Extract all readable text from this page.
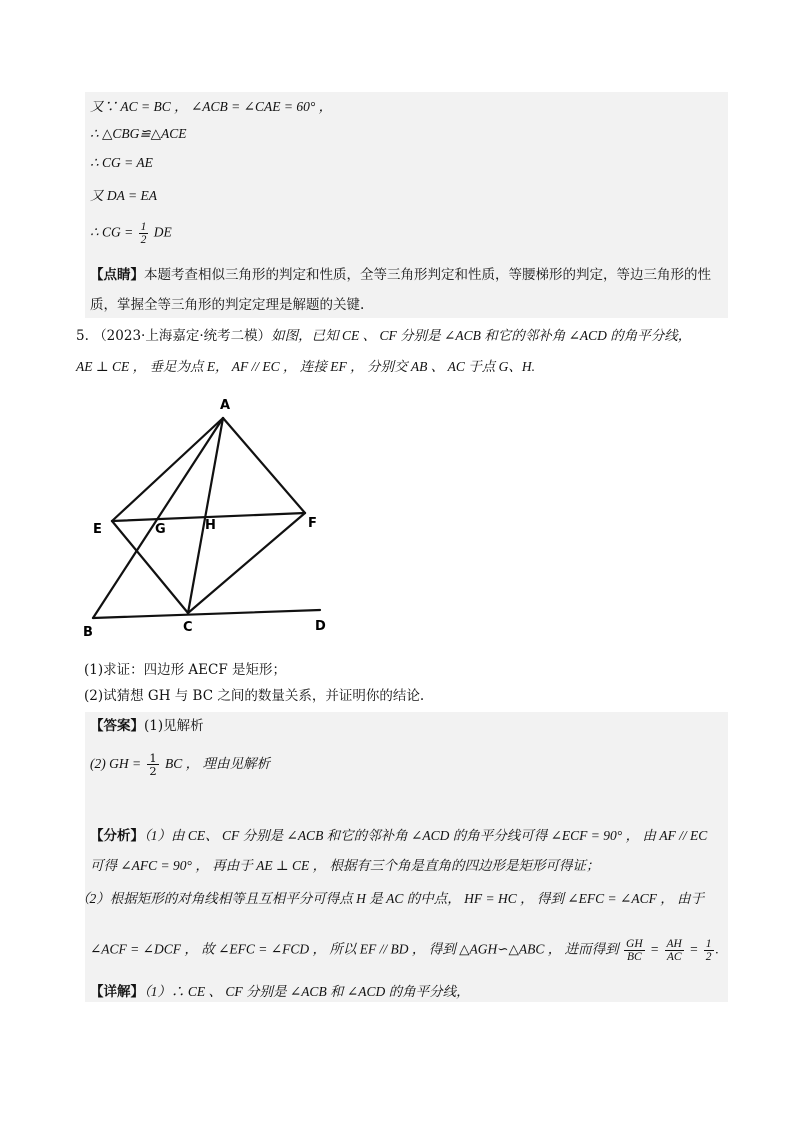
又∵ AC = BC ， ∠ACB = ∠CAE = 60° ，
∴ △CBG≌△ACE
∴ CG = AE
又 DA = EA
∴ CG = $\frac{1}{2}$ DE
【点睛】本题考查相似三角形的判定和性质，全等三角形判定和性质，等腰梯形的判定，等边三角形的性
质，掌握全等三角形的判定定理是解题的关键.
5. （2023·上海嘉定·统考二模）如图，已知 CE 、 CF 分别是 ∠ACB 和它的邻补角 ∠ACD 的角平分线，
AE ⊥ CE ， 垂足为点 E， AF // EC ， 连接 EF ， 分别交 AB 、 AC 于点 G、H.
A
B	C	D
E	F
G	H
(1)求证：四边形 AECF 是矩形；
(2)试猜想 GH 与 BC 之间的数量关系，并证明你的结论.
【答案】(1)见解析
(2) GH = $\frac{1}{2}$ BC ， 理由见解析
【分析】（1）由 CE、 CF 分别是 ∠ACB 和它的邻补角 ∠ACD 的角平分线可得 ∠ECF = 90° ， 由 AF // EC
可得 ∠AFC = 90° ， 再由于 AE ⊥ CE ， 根据有三个角是直角的四边形是矩形可得证；
（2）根据矩形的对角线相等且互相平分可得点 H 是 AC 的中点， HF = HC ， 得到 ∠EFC = ∠ACF ， 由于
∠ACF = ∠DCF ， 故 ∠EFC = ∠FCD ， 所以 EF // BD ， 得到 △AGH∽△ABC ， 进而得到 $\frac{GH}{BC} = \frac{AH}{AC} = \frac{1}{2}$ .
【详解】（1）∴ CE 、 CF 分别是 ∠ACB 和 ∠ACD 的角平分线，
